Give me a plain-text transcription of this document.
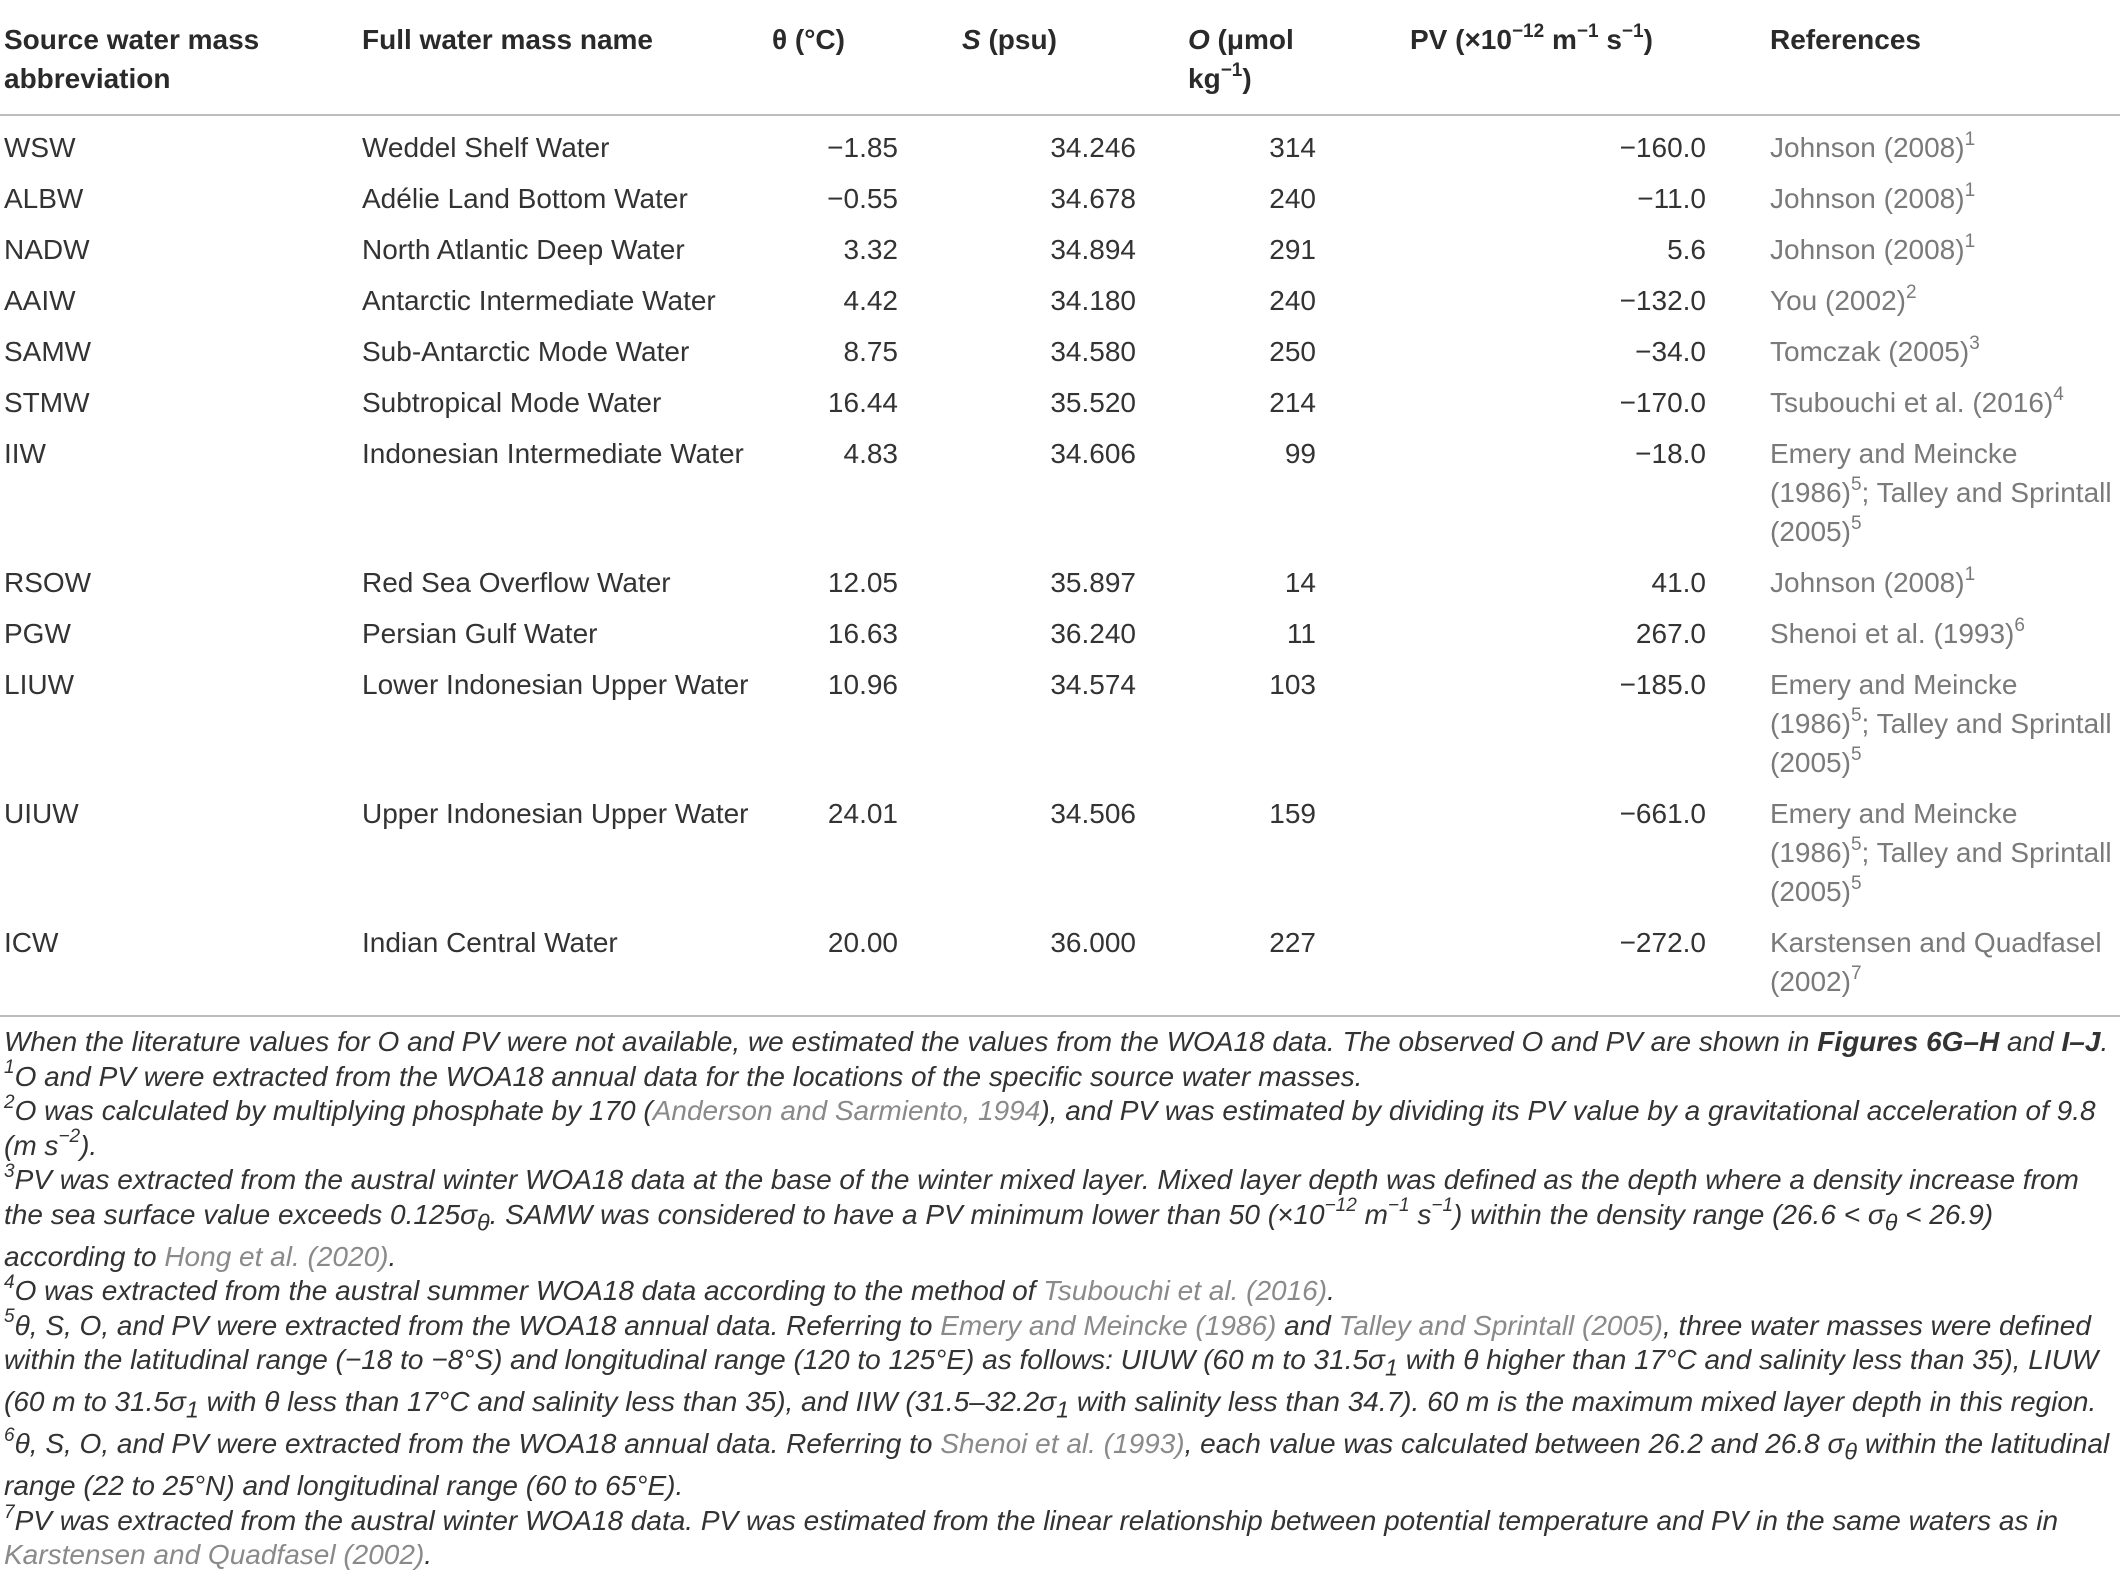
Source water mass abbreviation	Full water mass name	θ (°C)	S (psu)	O (μmol $kg^{-1}$)	PV ($\times 10^{-12}$ $m^{-1}$ $s^{-1}$)	References
WSW	Weddel Shelf Water	−1.85	34.246	314	−160.0	Johnson $(2008)^1$
ALBW	Adélie Land Bottom Water	−0.55	34.678	240	−11.0	Johnson $(2008)^1$
NADW	North Atlantic Deep Water	3.32	34.894	291	5.6	Johnson $(2008)^1$
AAIW	Antarctic Intermediate Water	4.42	34.180	240	−132.0	You $(2002)^2$
SAMW	Sub-Antarctic Mode Water	8.75	34.580	250	−34.0	Tomczak $(2005)^3$
STMW	Subtropical Mode Water	16.44	35.520	214	−170.0	Tsubouchi et al. $(2016)^4$
IIW	Indonesian Intermediate Water	4.83	34.606	99	−18.0	Emery and Meincke $(1986)^5$; Talley and Sprintall $(2005)^5$
RSOW	Red Sea Overflow Water	12.05	35.897	14	41.0	Johnson $(2008)^1$
PGW	Persian Gulf Water	16.63	36.240	11	267.0	Shenoi et al. $(1993)^6$
LIUW	Lower Indonesian Upper Water	10.96	34.574	103	−185.0	Emery and Meincke $(1986)^5$; Talley and Sprintall $(2005)^5$
UIUW	Upper Indonesian Upper Water	24.01	34.506	159	−661.0	Emery and Meincke $(1986)^5$; Talley and Sprintall $(2005)^5$
ICW	Indian Central Water	20.00	36.000	227	−272.0	Karstensen and Quadfasel $(2002)^7$

When the literature values for O and PV were not available, we estimated the values from the WOA18 data. The observed O and PV are shown in Figures 6G–H and I–J.

$^1$O and PV were extracted from the WOA18 annual data for the locations of the specific source water masses.

$^2$O was calculated by multiplying phosphate by 170 (Anderson and Sarmiento, 1994), and PV was estimated by dividing its PV value by a gravitational acceleration of 9.8 (m $s^{-2}$).

$^3$PV was extracted from the austral winter WOA18 data at the base of the winter mixed layer. Mixed layer depth was defined as the depth where a density increase from the sea surface value exceeds $0.125\sigma_\theta$. SAMW was considered to have a PV minimum lower than 50 ($\times 10^{-12}$ $m^{-1}$ $s^{-1}$) within the density range $(26.6 < \sigma_\theta < 26.9)$ according to Hong et al. (2020).

$^4$O was extracted from the austral summer WOA18 data according to the method of Tsubouchi et al. (2016).

$^5$θ, S, O, and PV were extracted from the WOA18 annual data. Referring to Emery and Meincke (1986) and Talley and Sprintall (2005), three water masses were defined within the latitudinal range (−18 to −8°S) and longitudinal range (120 to 125°E) as follows: UIUW (60 m to $31.5\sigma_1$ with θ higher than 17°C and salinity less than 35), LIUW (60 m to $31.5\sigma_1$ with θ less than 17°C and salinity less than 35), and IIW ($31.5-32.2\sigma_1$ with salinity less than 34.7). 60 m is the maximum mixed layer depth in this region.

$^6$θ, S, O, and PV were extracted from the WOA18 annual data. Referring to Shenoi et al. (1993), each value was calculated between 26.2 and 26.8 $\sigma_\theta$ within the latitudinal range (22 to 25°N) and longitudinal range (60 to 65°E).

$^7$PV was extracted from the austral winter WOA18 data. PV was estimated from the linear relationship between potential temperature and PV in the same waters as in Karstensen and Quadfasel (2002).
